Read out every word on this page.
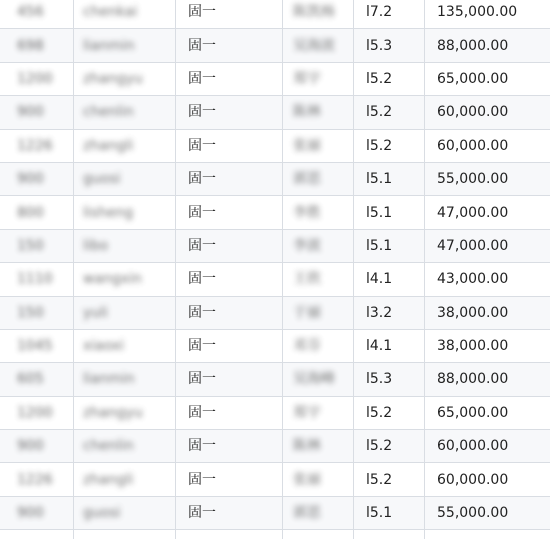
456	chenkai	固一	陈凯杨	l7.2	135,000.00
698	lianmin	固一	吴海波	l5.3	88,000.00
1200	zhangyu	固一	郑宇	l5.2	65,000.00
900	chenlin	固一	陈林	l5.2	60,000.00
1226	zhangli	固一	张丽	l5.2	60,000.00
900	guosi	固一	郭思	l5.1	55,000.00
800	lisheng	固一	李胜	l5.1	47,000.00
150	libo	固一	李波	l5.1	47,000.00
1110	wangxin	固一	王欣	l4.1	43,000.00
150	yuli	固一	于丽	l3.2	38,000.00
1045	xiaoxi	固一	邓芬	l4.1	38,000.00
605	lianmin	固一	吴海峰	l5.3	88,000.00
1200	zhangyu	固一	郑宇	l5.2	65,000.00
900	chenlin	固一	陈林	l5.2	60,000.00
1226	zhangli	固一	张丽	l5.2	60,000.00
900	guosi	固一	郭思	l5.1	55,000.00
